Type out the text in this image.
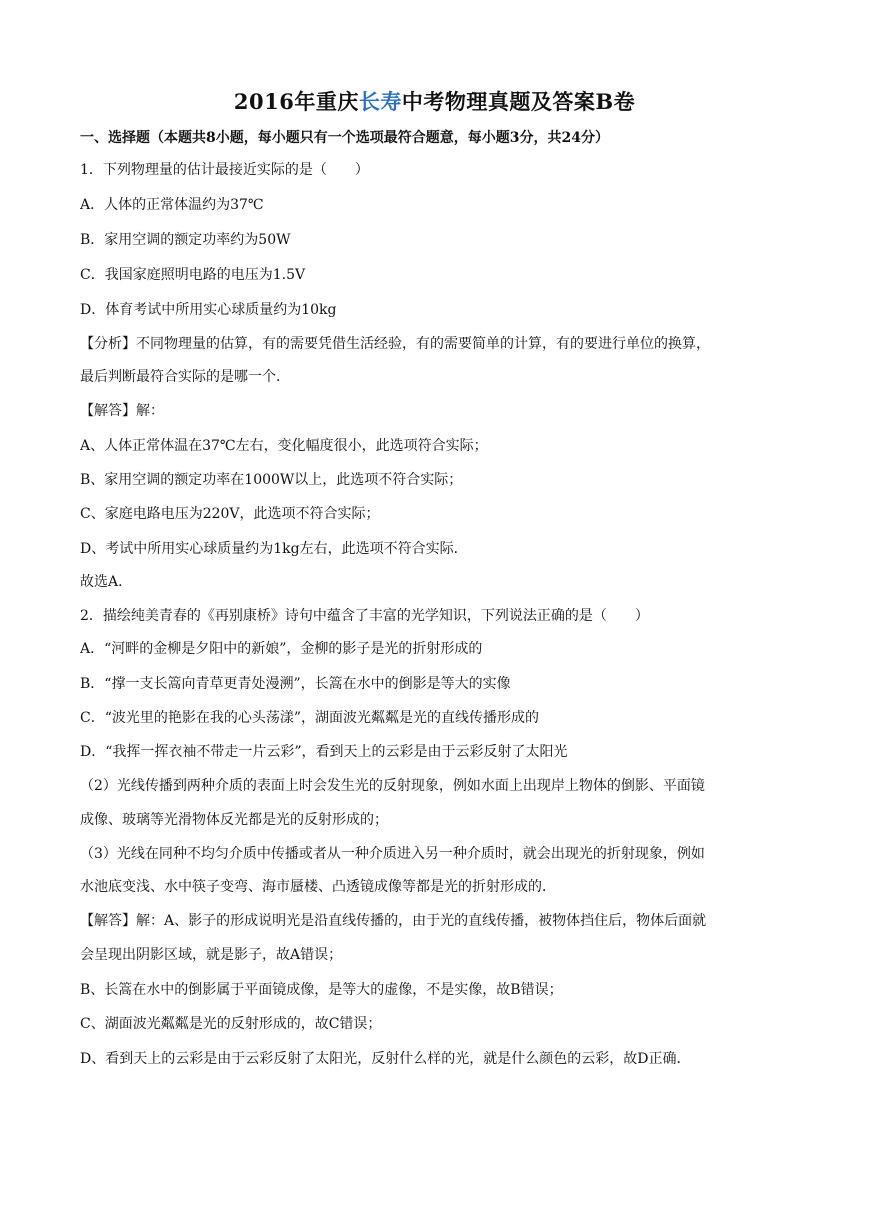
2016年重庆长寿中考物理真题及答案B卷
一、选择题（本题共8小题，每小题只有一个选项最符合题意，每小题3分，共24分）
1．下列物理量的估计最接近实际的是（　　）
A．人体的正常体温约为37℃
B．家用空调的额定功率约为50W
C．我国家庭照明电路的电压为1.5V
D．体育考试中所用实心球质量约为10kg
【分析】不同物理量的估算，有的需要凭借生活经验，有的需要简单的计算，有的要进行单位的换算，
最后判断最符合实际的是哪一个．
【解答】解：
A、人体正常体温在37℃左右，变化幅度很小，此选项符合实际；
B、家用空调的额定功率在1000W以上，此选项不符合实际；
C、家庭电路电压为220V，此选项不符合实际；
D、考试中所用实心球质量约为1kg左右，此选项不符合实际．
故选A．
2．描绘纯美青春的《再别康桥》诗句中蕴含了丰富的光学知识，下列说法正确的是（　　）
A．“河畔的金柳是夕阳中的新娘”，金柳的影子是光的折射形成的
B．“撑一支长篙向青草更青处漫溯”，长篙在水中的倒影是等大的实像
C．“波光里的艳影在我的心头荡漾”，湖面波光粼粼是光的直线传播形成的
D．“我挥一挥衣袖不带走一片云彩”，看到天上的云彩是由于云彩反射了太阳光
（2）光线传播到两种介质的表面上时会发生光的反射现象，例如水面上出现岸上物体的倒影、平面镜
成像、玻璃等光滑物体反光都是光的反射形成的；
（3）光线在同种不均匀介质中传播或者从一种介质进入另一种介质时，就会出现光的折射现象，例如
水池底变浅、水中筷子变弯、海市蜃楼、凸透镜成像等都是光的折射形成的．
【解答】解：A、影子的形成说明光是沿直线传播的，由于光的直线传播，被物体挡住后，物体后面就
会呈现出阴影区域，就是影子，故A错误；
B、长篙在水中的倒影属于平面镜成像，是等大的虚像，不是实像，故B错误；
C、湖面波光粼粼是光的反射形成的，故C错误；
D、看到天上的云彩是由于云彩反射了太阳光，反射什么样的光，就是什么颜色的云彩，故D正确．
